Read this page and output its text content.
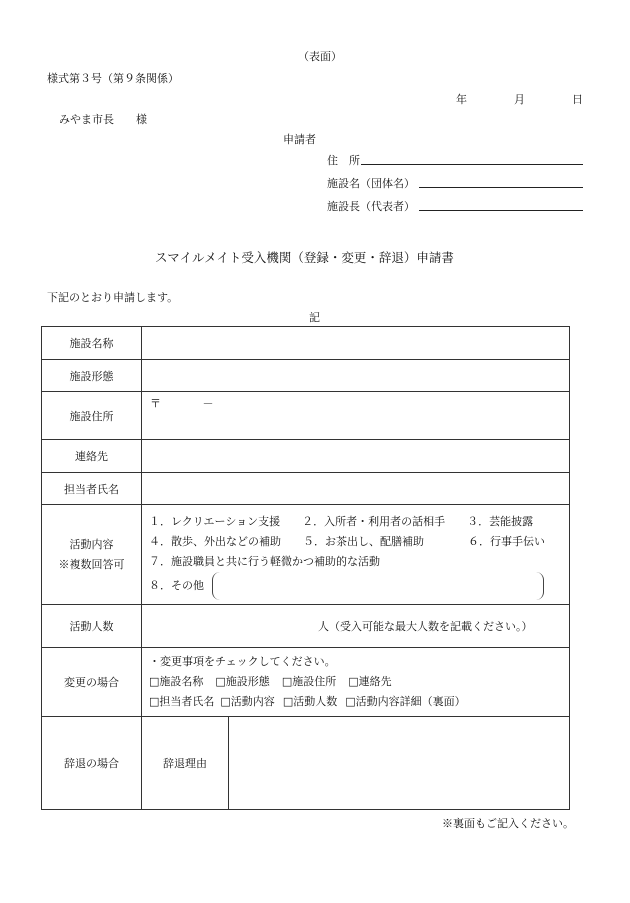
（表面）
様式第３号（第９条関係）
年	月	日
みやま市長　　様
申請者
住　所
施設名（団体名）
施設長（代表者）
スマイルメイト受入機関（登録・変更・辞退）申請書
下記のとおり申請します。
記
施設名称		
施設形態		
施設住所	〒 －	
連絡先		
担当者氏名		

活動内容
※複数回答可	１．レクリエーション支援　　２．入所者・利用者の話相手　　３．芸能披露
４．散歩、外出などの補助　　５．お茶出し、配膳補助　　　　６．行事手伝い
７．施設職員と共に行う軽微かつ補助的な活動
８．その他	

活動人数	人（受入可能な最大人数を記載ください。）	
変更の場合	・変更事項をチェックしてください。
□施設名称 □施設形態 □施設住所 □連絡先
□担当者氏名 □活動内容 □活動人数 □活動内容詳細（裏面）	

辞退の場合	辞退理由	
※裏面もご記入ください。
